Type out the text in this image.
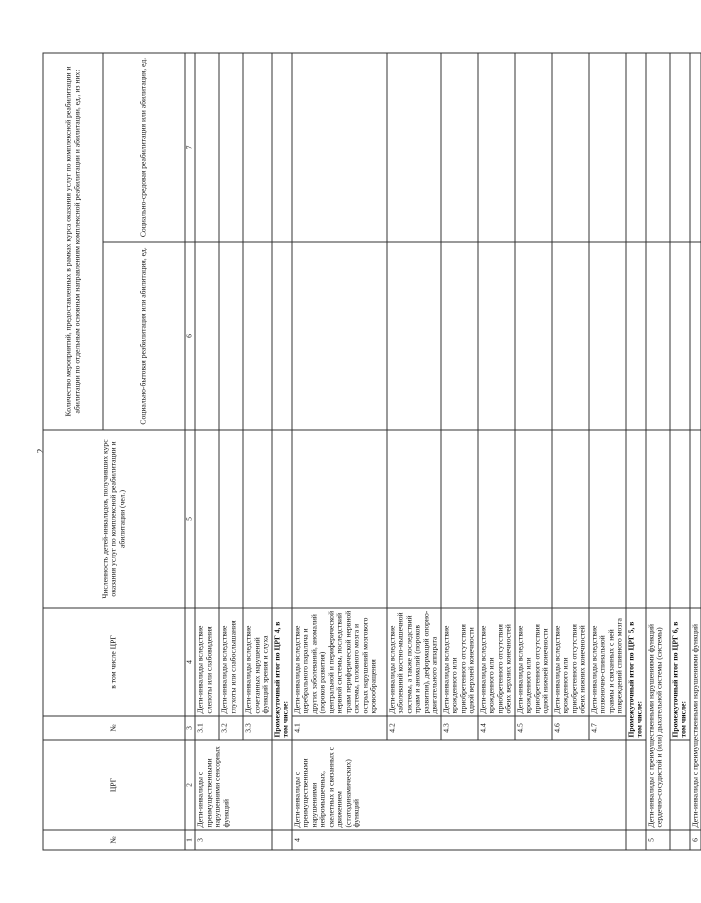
2
№	ЦРГ	№	в том числе ЦРГ	Численность детей-инвалидов, получивших курс оказания услуг по комплексной реабилитации и абилитации (чел.)	Количество мероприятий, предоставленных в рамках курса оказания услуг по комплексной реабилитации и абилитации по отдельным основным направлениям комплексной реабилитации и абилитации, ед., из них:	
					Социально-бытовая реабилитация или абилитация, ед.	Социально-средовая реабилитация или абилитация, ед.
1	2	3	4	5	6	7
3	Дети-инвалиды с преимущественными нарушениями сенсорных функций	3.1	Дети-инвалиды вследствие слепоты или слабовидения			
		3.2	Дети-инвалиды вследствие глухоты или слабослышания			
		3.3	Дети-инвалиды вследствие сочетанных нарушений функций зрения и слуха			
		Промежуточный итог по ЦРГ 4, в том числе:				
4	Дети-инвалиды с преимущественными нарушениями нейромышечных, скелетных и связанных с движением (статодинамических) функций	4.1	Дети-инвалиды вследствие церебрального паралича и других заболеваний, аномалий (пороков развития) центральной и периферической нервной системы, последствий травм периферической нервной системы, головного мозга и острых нарушений мозгового кровообращения			
		4.2	Дети-инвалиды вследствие заболеваний костно-мышечной системы, а также последствий травм и аномалий (пороков развития), деформаций опорно-двигательного аппарата			
		4.3	Дети-инвалиды вследствие врожденного или приобретенного отсутствия одной верхней конечности			
		4.4	Дети-инвалиды вследствие врожденного или приобретенного отсутствия обеих верхних конечностей			
		4.5	Дети-инвалиды вследствие врожденного или приобретенного отсутствия одной нижней конечности			
		4.6	Дети-инвалиды вследствие врожденного или приобретенного отсутствия обеих нижних конечностей			
		4.7	Дети-инвалиды вследствие позвоночно-спинальной травмы и связанных с ней повреждений спинного мозга			
		Промежуточный итог по ЦРГ 5, в том числе:				
5	Дети-инвалиды с преимущественными нарушениями функций сердечно-сосудистой и (или) дыхательной системы (системы)					
		Промежуточный итог по ЦРГ 6, в том числе:				
6	Дети-инвалиды с преимущественными нарушениями функций					
